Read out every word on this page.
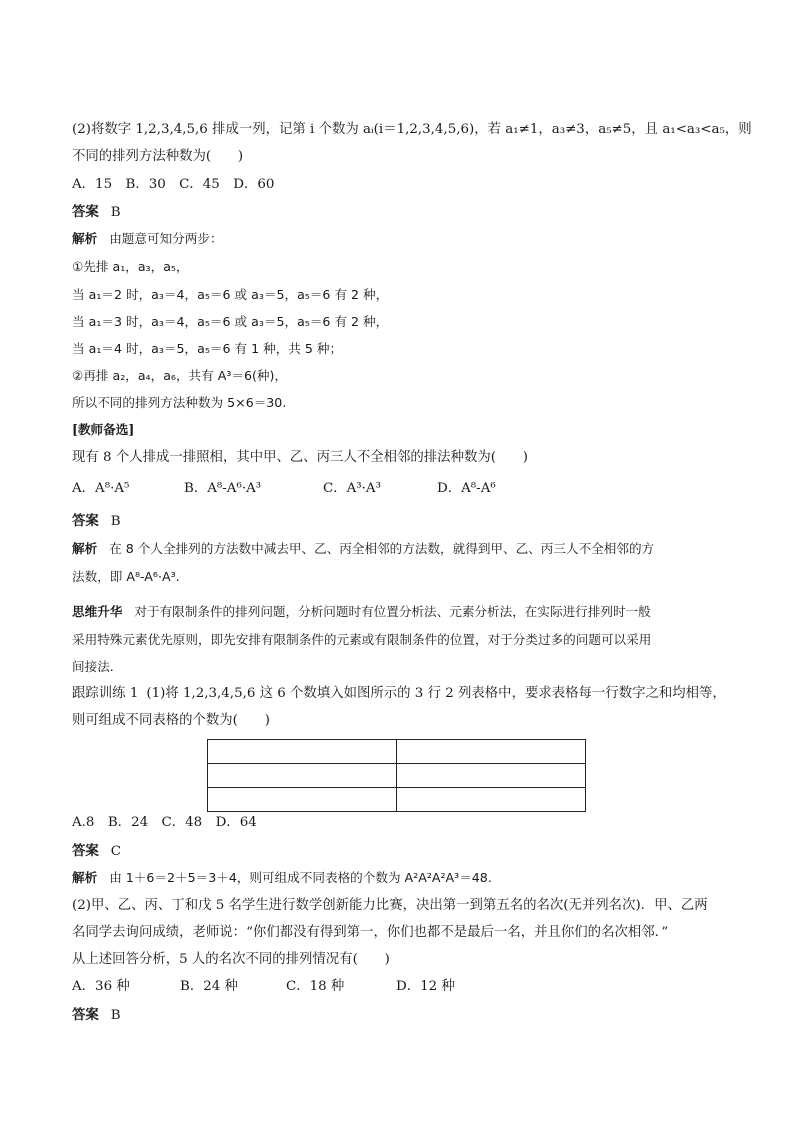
(2)将数字 1,2,3,4,5,6 排成一列，记第 i 个数为 aᵢ(i＝1,2,3,4,5,6)，若 a₁≠1，a₃≠3，a₅≠5，且 a₁<a₃<a₅，则
不同的排列方法种数为(　　)
A．15　B．30　C．45　D．60
答案 B
解析 由题意可知分两步：
①先排 a₁，a₃，a₅，
当 a₁＝2 时，a₃＝4，a₅＝6 或 a₃＝5，a₅＝6 有 2 种，
当 a₁＝3 时，a₃＝4，a₅＝6 或 a₃＝5，a₅＝6 有 2 种，
当 a₁＝4 时，a₃＝5，a₅＝6 有 1 种，共 5 种；
②再排 a₂，a₄，a₆，共有 A³＝6(种)，
所以不同的排列方法种数为 5×6＝30.
[教师备选]
现有 8 个人排成一排照相，其中甲、乙、丙三人不全相邻的排法种数为(　　)
A．A⁸·A⁵	B．A⁸-A⁶·A³	C．A³·A³	D．A⁸-A⁶
答案 B
解析 在 8 个人全排列的方法数中减去甲、乙、丙全相邻的方法数，就得到甲、乙、丙三人不全相邻的方
法数，即 A⁸-A⁶·A³.
思维升华 对于有限制条件的排列问题，分析问题时有位置分析法、元素分析法，在实际进行排列时一般
采用特殊元素优先原则，即先安排有限制条件的元素或有限制条件的位置，对于分类过多的问题可以采用
间接法.
跟踪训练 1 (1)将 1,2,3,4,5,6 这 6 个数填入如图所示的 3 行 2 列表格中，要求表格每一行数字之和均相等，
则可组成不同表格的个数为(　　)

A.8　B．24　C．48　D．64
答案 C
解析 由 1＋6＝2＋5＝3＋4，则可组成不同表格的个数为 A²A²A²A³＝48.
(2)甲、乙、丙、丁和戊 5 名学生进行数学创新能力比赛，决出第一到第五名的名次(无并列名次)．甲、乙两
名同学去询问成绩，老师说：“你们都没有得到第一，你们也都不是最后一名，并且你们的名次相邻．”
从上述回答分析，5 人的名次不同的排列情况有(　　)
A．36 种	B．24 种	C．18 种	D．12 种
答案 B
